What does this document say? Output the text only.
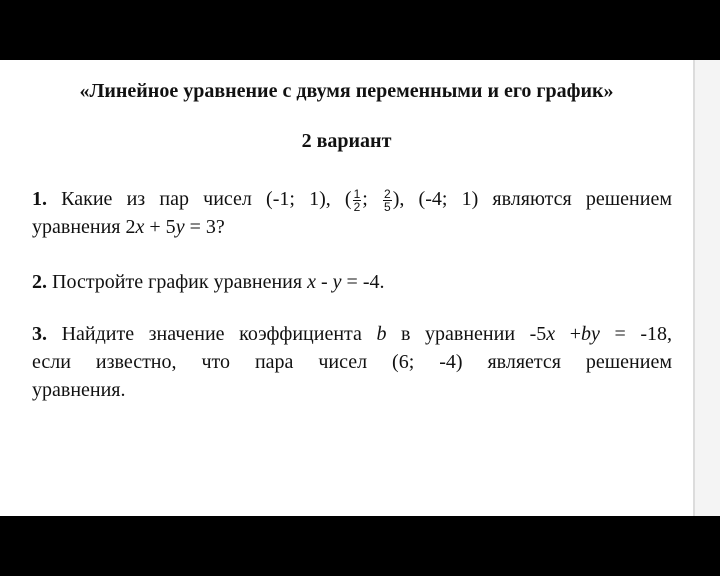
«Линейное уравнение с двумя переменными и его график»
2 вариант
1. Какие из пар чисел (-1; 1), ( $\frac{1}{2}$ ; $\frac{2}{5}$ ), (-4; 1) являются решением
уравнения 2x + 5y = 3?
2. Постройте график уравнения x - y = -4.
3. Найдите значение коэффициента b в уравнении -5x +by = -18,
если известно, что пара чисел (6; -4) является решением
уравнения.
